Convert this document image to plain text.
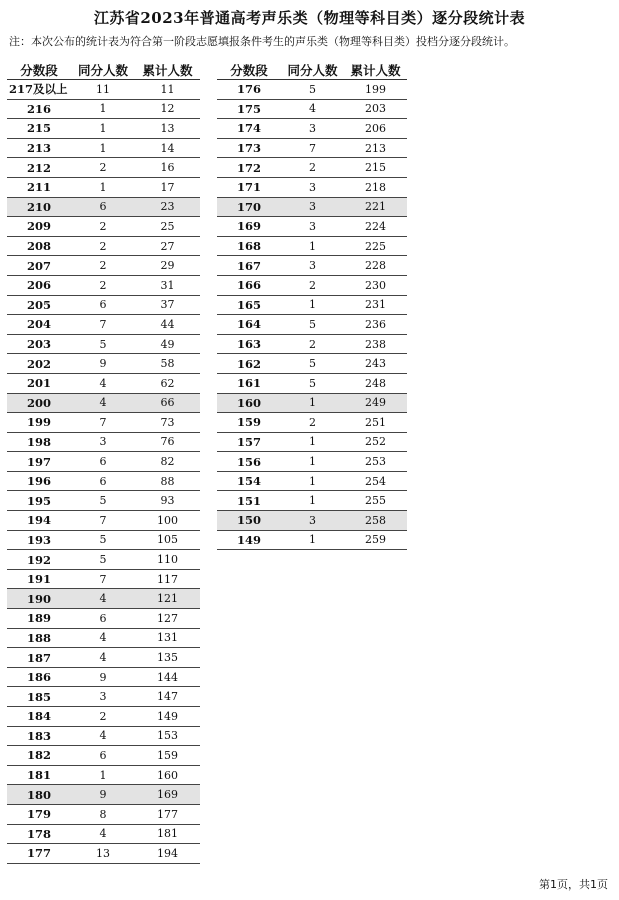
江苏省2023年普通高考声乐类（物理等科目类）逐分段统计表
注：本次公布的统计表为符合第一阶段志愿填报条件考生的声乐类（物理等科目类）投档分逐分段统计。
分数段	同分人数	累计人数
217及以上	11	11
216	1	12
215	1	13
213	1	14
212	2	16
211	1	17
210	6	23
209	2	25
208	2	27
207	2	29
206	2	31
205	6	37
204	7	44
203	5	49
202	9	58
201	4	62
200	4	66
199	7	73
198	3	76
197	6	82
196	6	88
195	5	93
194	7	100
193	5	105
192	5	110
191	7	117
190	4	121
189	6	127
188	4	131
187	4	135
186	9	144
185	3	147
184	2	149
183	4	153
182	6	159
181	1	160
180	9	169
179	8	177
178	4	181
177	13	194
分数段	同分人数	累计人数
176	5	199
175	4	203
174	3	206
173	7	213
172	2	215
171	3	218
170	3	221
169	3	224
168	1	225
167	3	228
166	2	230
165	1	231
164	5	236
163	2	238
162	5	243
161	5	248
160	1	249
159	2	251
157	1	252
156	1	253
154	1	254
151	1	255
150	3	258
149	1	259
第1页，共1页
